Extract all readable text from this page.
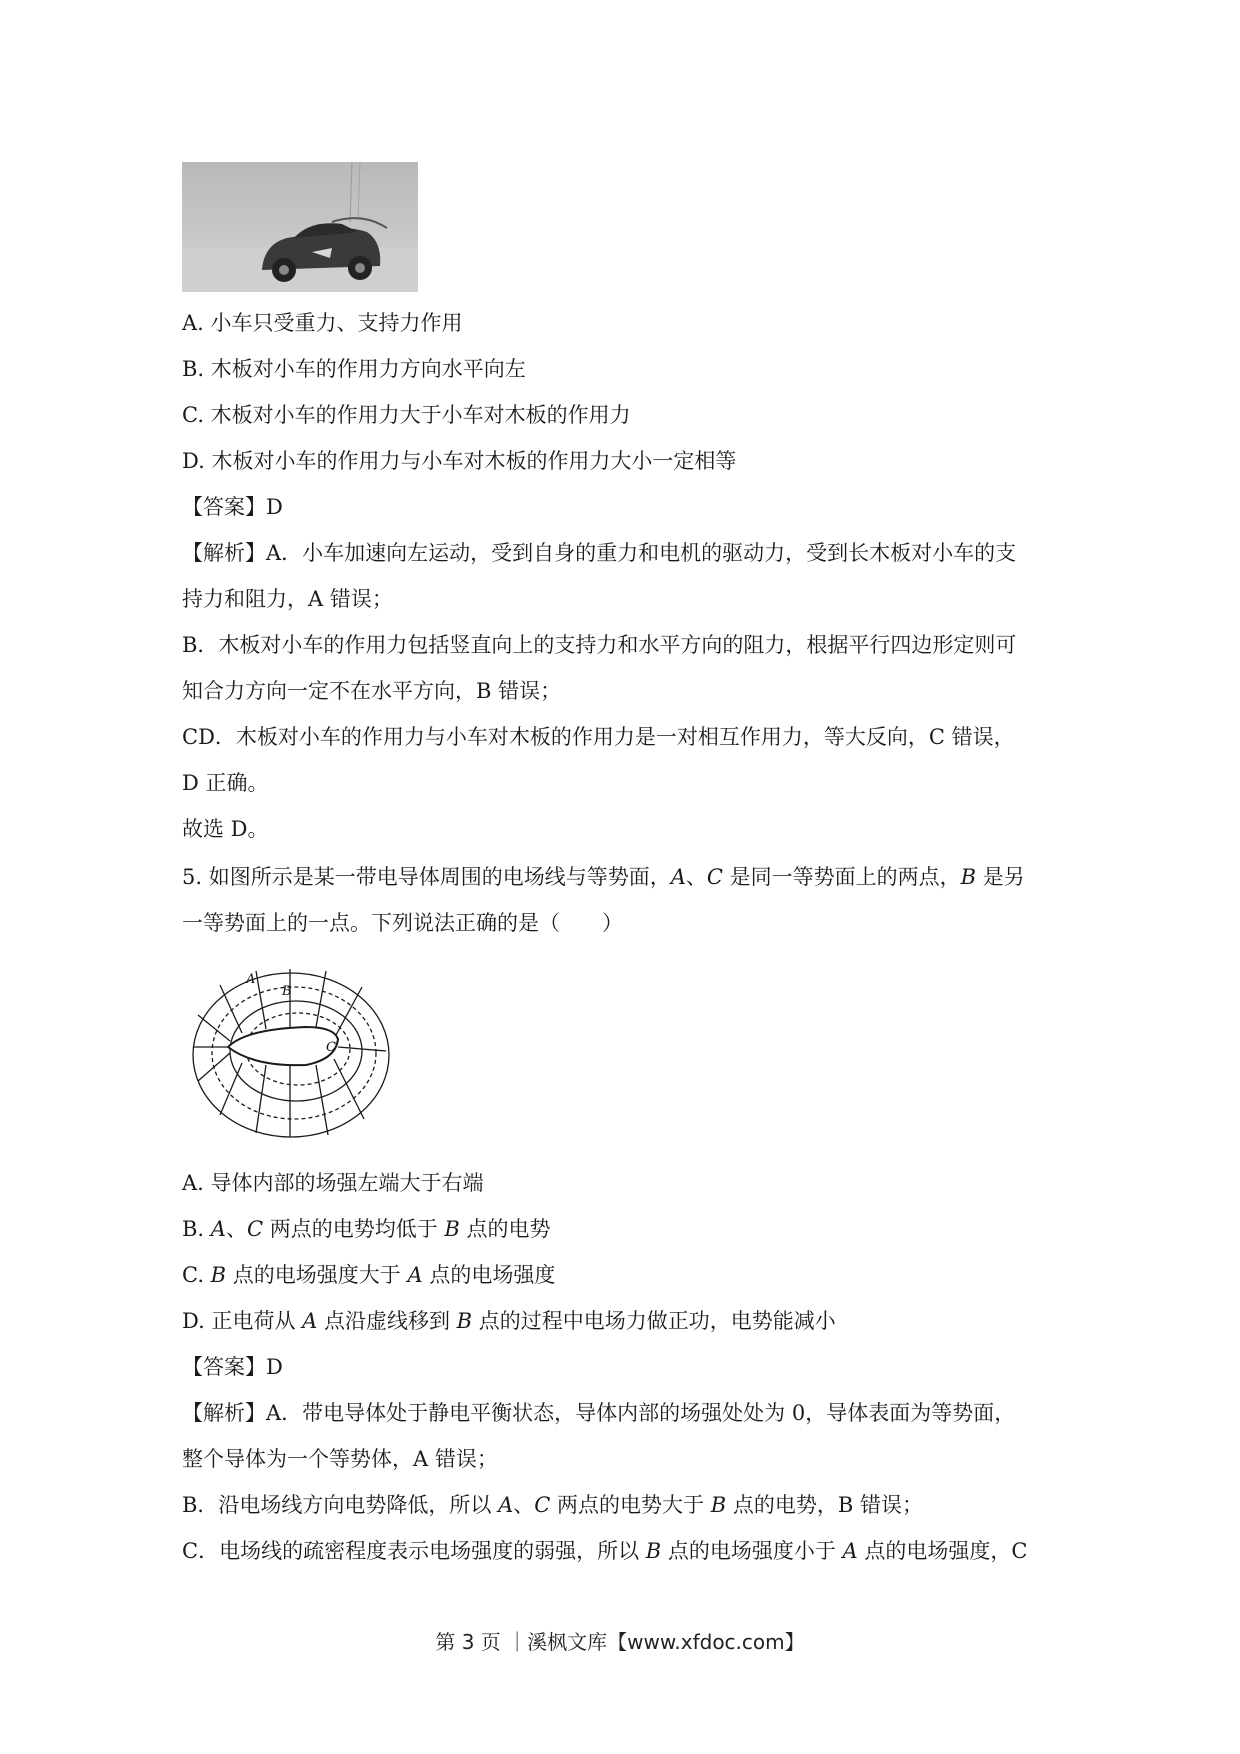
A. 小车只受重力、支持力作用
B. 木板对小车的作用力方向水平向左
C. 木板对小车的作用力大于小车对木板的作用力
D. 木板对小车的作用力与小车对木板的作用力大小一定相等
【答案】D
【解析】A．小车加速向左运动，受到自身的重力和电机的驱动力，受到长木板对小车的支
持力和阻力，A 错误；
B．木板对小车的作用力包括竖直向上的支持力和水平方向的阻力，根据平行四边形定则可
知合力方向一定不在水平方向，B 错误；
CD．木板对小车的作用力与小车对木板的作用力是一对相互作用力，等大反向，C 错误，
D 正确。
故选 D。
5. 如图所示是某一带电导体周围的电场线与等势面，A、C 是同一等势面上的两点，B 是另
一等势面上的一点。下列说法正确的是（　　）
A
B
C
A. 导体内部的场强左端大于右端
B. A、C 两点的电势均低于 B 点的电势
C. B 点的电场强度大于 A 点的电场强度
D. 正电荷从 A 点沿虚线移到 B 点的过程中电场力做正功，电势能减小
【答案】D
【解析】A．带电导体处于静电平衡状态，导体内部的场强处处为 0，导体表面为等势面，
整个导体为一个等势体，A 错误；
B．沿电场线方向电势降低，所以 A、C 两点的电势大于 B 点的电势，B 错误；
C．电场线的疏密程度表示电场强度的弱强，所以 B 点的电场强度小于 A 点的电场强度，C
第 3 页 ｜溪枫文库【www.xfdoc.com】
